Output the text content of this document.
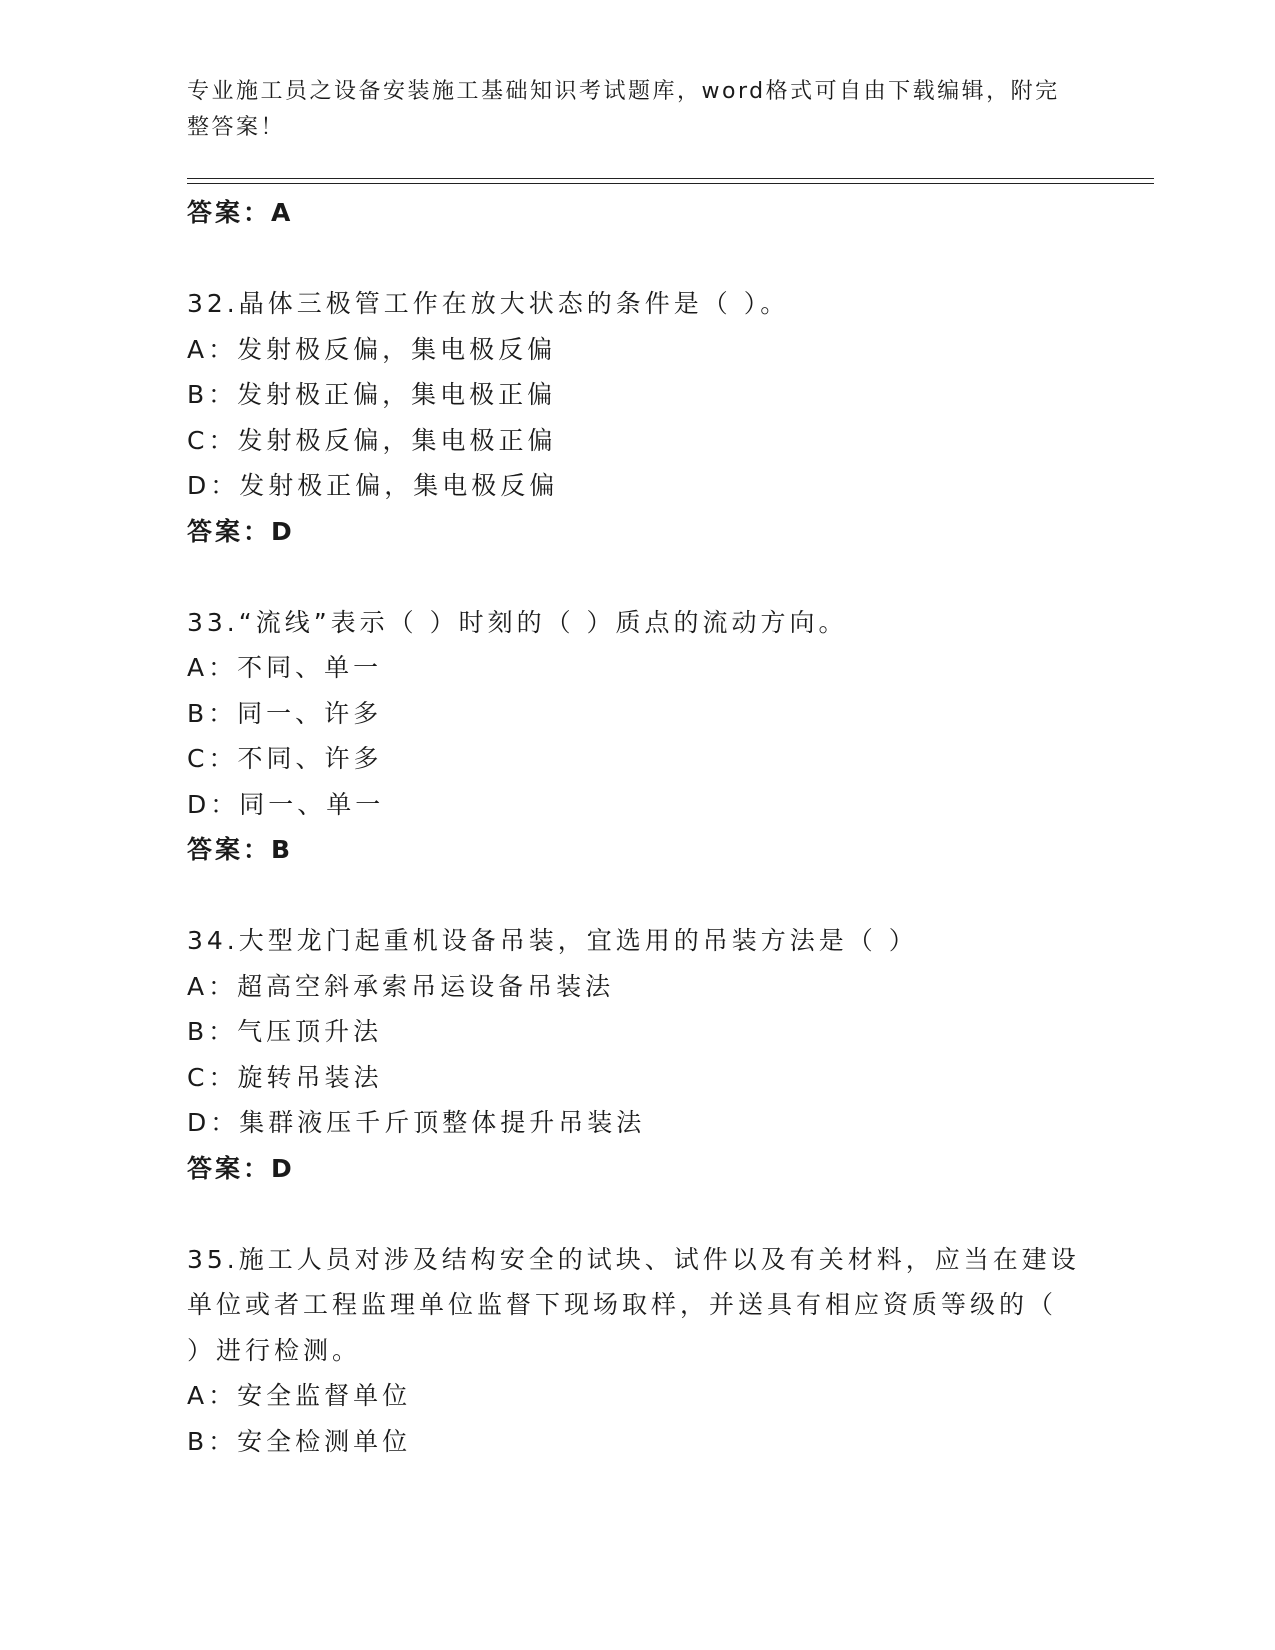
专业施工员之设备安装施工基础知识考试题库，word格式可自由下载编辑，附完
整答案！
答案：A
32.晶体三极管工作在放大状态的条件是（ ）。
A：发射极反偏，集电极反偏
B：发射极正偏，集电极正偏
C：发射极反偏，集电极正偏
D：发射极正偏，集电极反偏
答案：D
33.“流线”表示（ ）时刻的（ ）质点的流动方向。
A：不同、单一
B：同一、许多
C：不同、许多
D：同一、单一
答案：B
34.大型龙门起重机设备吊装，宜选用的吊装方法是（ ）
A：超高空斜承索吊运设备吊装法
B：气压顶升法
C：旋转吊装法
D：集群液压千斤顶整体提升吊装法
答案：D
35.施工人员对涉及结构安全的试块、试件以及有关材料，应当在建设
单位或者工程监理单位监督下现场取样，并送具有相应资质等级的（
）进行检测。
A：安全监督单位
B：安全检测单位
